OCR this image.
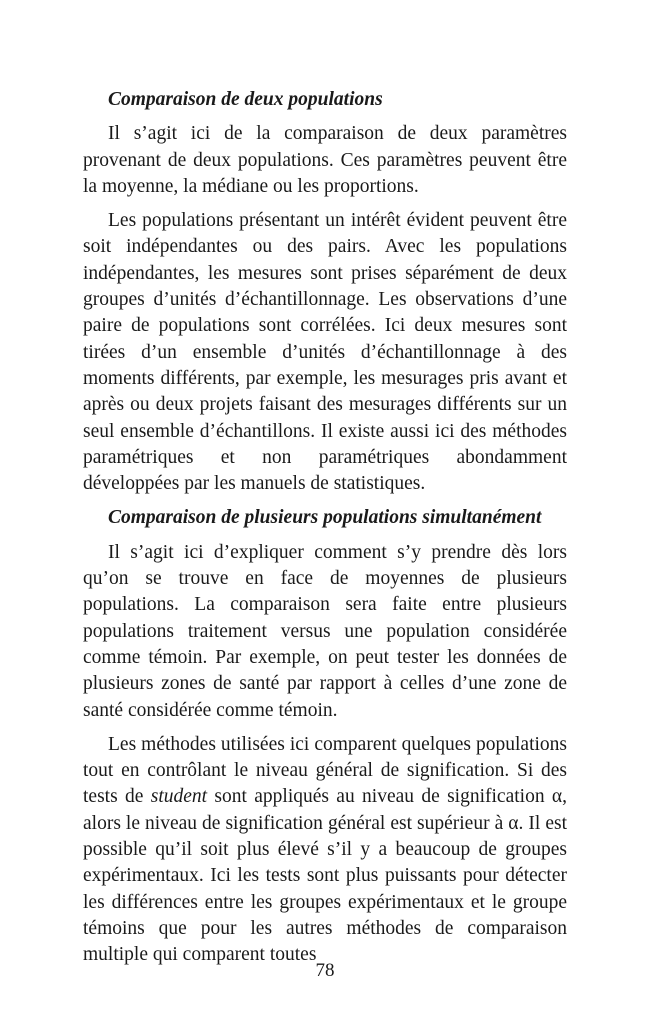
Comparaison de deux populations

Il s’agit ici de la comparaison de deux paramètres provenant de deux populations. Ces paramètres peuvent être la moyenne, la médiane ou les proportions.

Les populations présentant un intérêt évident peuvent être soit indépendantes ou des pairs. Avec les populations indépendantes, les mesures sont prises séparément de deux groupes d’unités d’échantillonnage. Les observations d’une paire de populations sont corrélées. Ici deux mesures sont tirées d’un ensemble d’unités d’échantillonnage à des moments différents, par exemple, les mesurages pris avant et après ou deux projets faisant des mesurages différents sur un seul ensemble d’échantillons. Il existe aussi ici des méthodes paramétriques et non paramétriques abondamment développées par les manuels de statistiques.

Comparaison de plusieurs populations simultanément

Il s’agit ici d’expliquer comment s’y prendre dès lors qu’on se trouve en face de moyennes de plusieurs populations. La comparaison sera faite entre plusieurs populations traitement versus une population considérée comme témoin. Par exemple, on peut tester les données de plusieurs zones de santé par rapport à celles d’une zone de santé considérée comme témoin.

Les méthodes utilisées ici comparent quelques populations tout en contrôlant le niveau général de signification. Si des tests de student sont appliqués au niveau de signification α, alors le niveau de signification général est supérieur à α. Il est possible qu’il soit plus élevé s’il y a beaucoup de groupes expérimentaux. Ici les tests sont plus puissants pour détecter les différences entre les groupes expérimentaux et le groupe témoins que pour les autres méthodes de comparaison multiple qui comparent toutes

78
